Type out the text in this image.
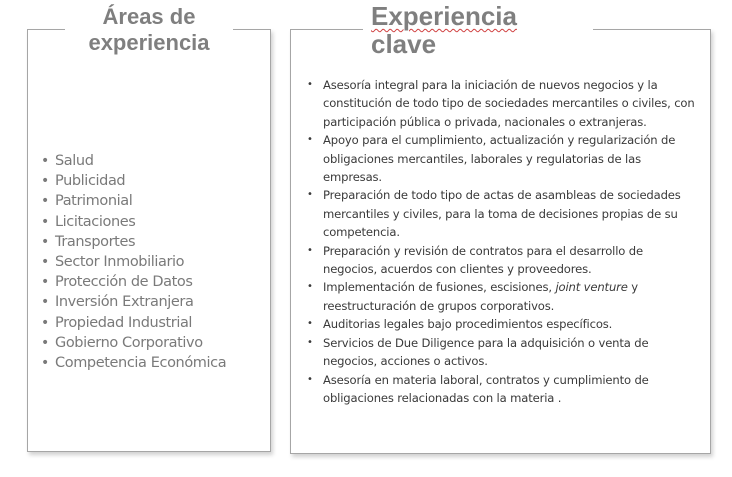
Áreas de
experiencia
• Salud
• Publicidad
• Patrimonial
• Licitaciones
• Transportes
• Sector Inmobiliario
• Protección de Datos
• Inversión Extranjera
• Propiedad Industrial
• Gobierno Corporativo
• Competencia Económica
Experiencia
clave
• Asesoría integral para la iniciación de nuevos negocios y la constitución de todo tipo de sociedades mercantiles o civiles, con participación pública o privada, nacionales o extranjeras.
• Apoyo para el cumplimiento, actualización y regularización de obligaciones mercantiles, laborales y regulatorias de las empresas.
• Preparación de todo tipo de actas de asambleas de sociedades mercantiles y civiles, para la toma de decisiones propias de su competencia.
• Preparación y revisión de contratos para el desarrollo de negocios, acuerdos con clientes y proveedores.
• Implementación de fusiones, escisiones, joint venture y reestructuración de grupos corporativos.
• Auditorias legales bajo procedimientos específicos.
• Servicios de Due Diligence para la adquisición o venta de negocios, acciones o activos.
• Asesoría en materia laboral, contratos y cumplimiento de obligaciones relacionadas con la materia .
